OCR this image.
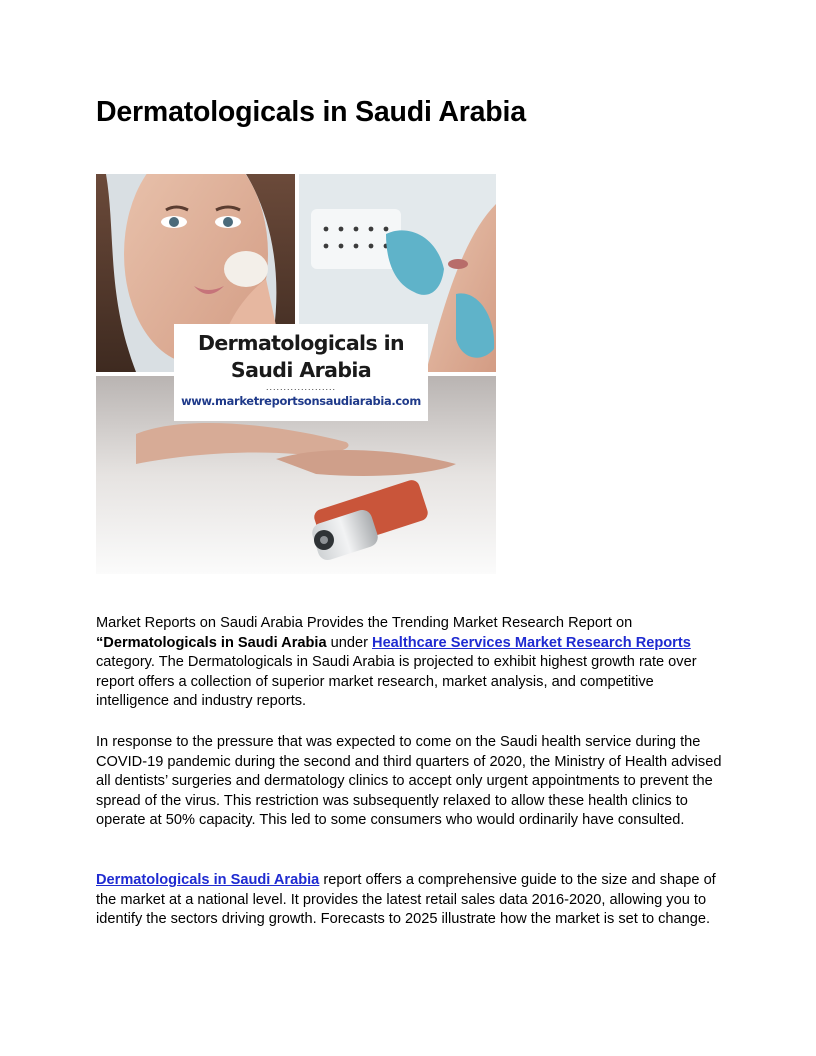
Dermatologicals in Saudi Arabia
Dermatologicals in
Saudi Arabia
....................
www.marketreportsonsaudiarabia.com

Market Reports on Saudi Arabia Provides the Trending Market Research Report on
“Dermatologicals in Saudi Arabia under Healthcare Services Market Research Reports
category. The Dermatologicals in Saudi Arabia is projected to exhibit highest growth rate over report offers a collection of superior market research, market analysis, and competitive intelligence and industry reports.

In response to the pressure that was expected to come on the Saudi health service during the COVID-19 pandemic during the second and third quarters of 2020, the Ministry of Health advised all dentists’ surgeries and dermatology clinics to accept only urgent appointments to prevent the spread of the virus. This restriction was subsequently relaxed to allow these health clinics to operate at 50% capacity. This led to some consumers who would ordinarily have consulted.

Dermatologicals in Saudi Arabia report offers a comprehensive guide to the size and shape of the market at a national level. It provides the latest retail sales data 2016-2020, allowing you to identify the sectors driving growth. Forecasts to 2025 illustrate how the market is set to change.
